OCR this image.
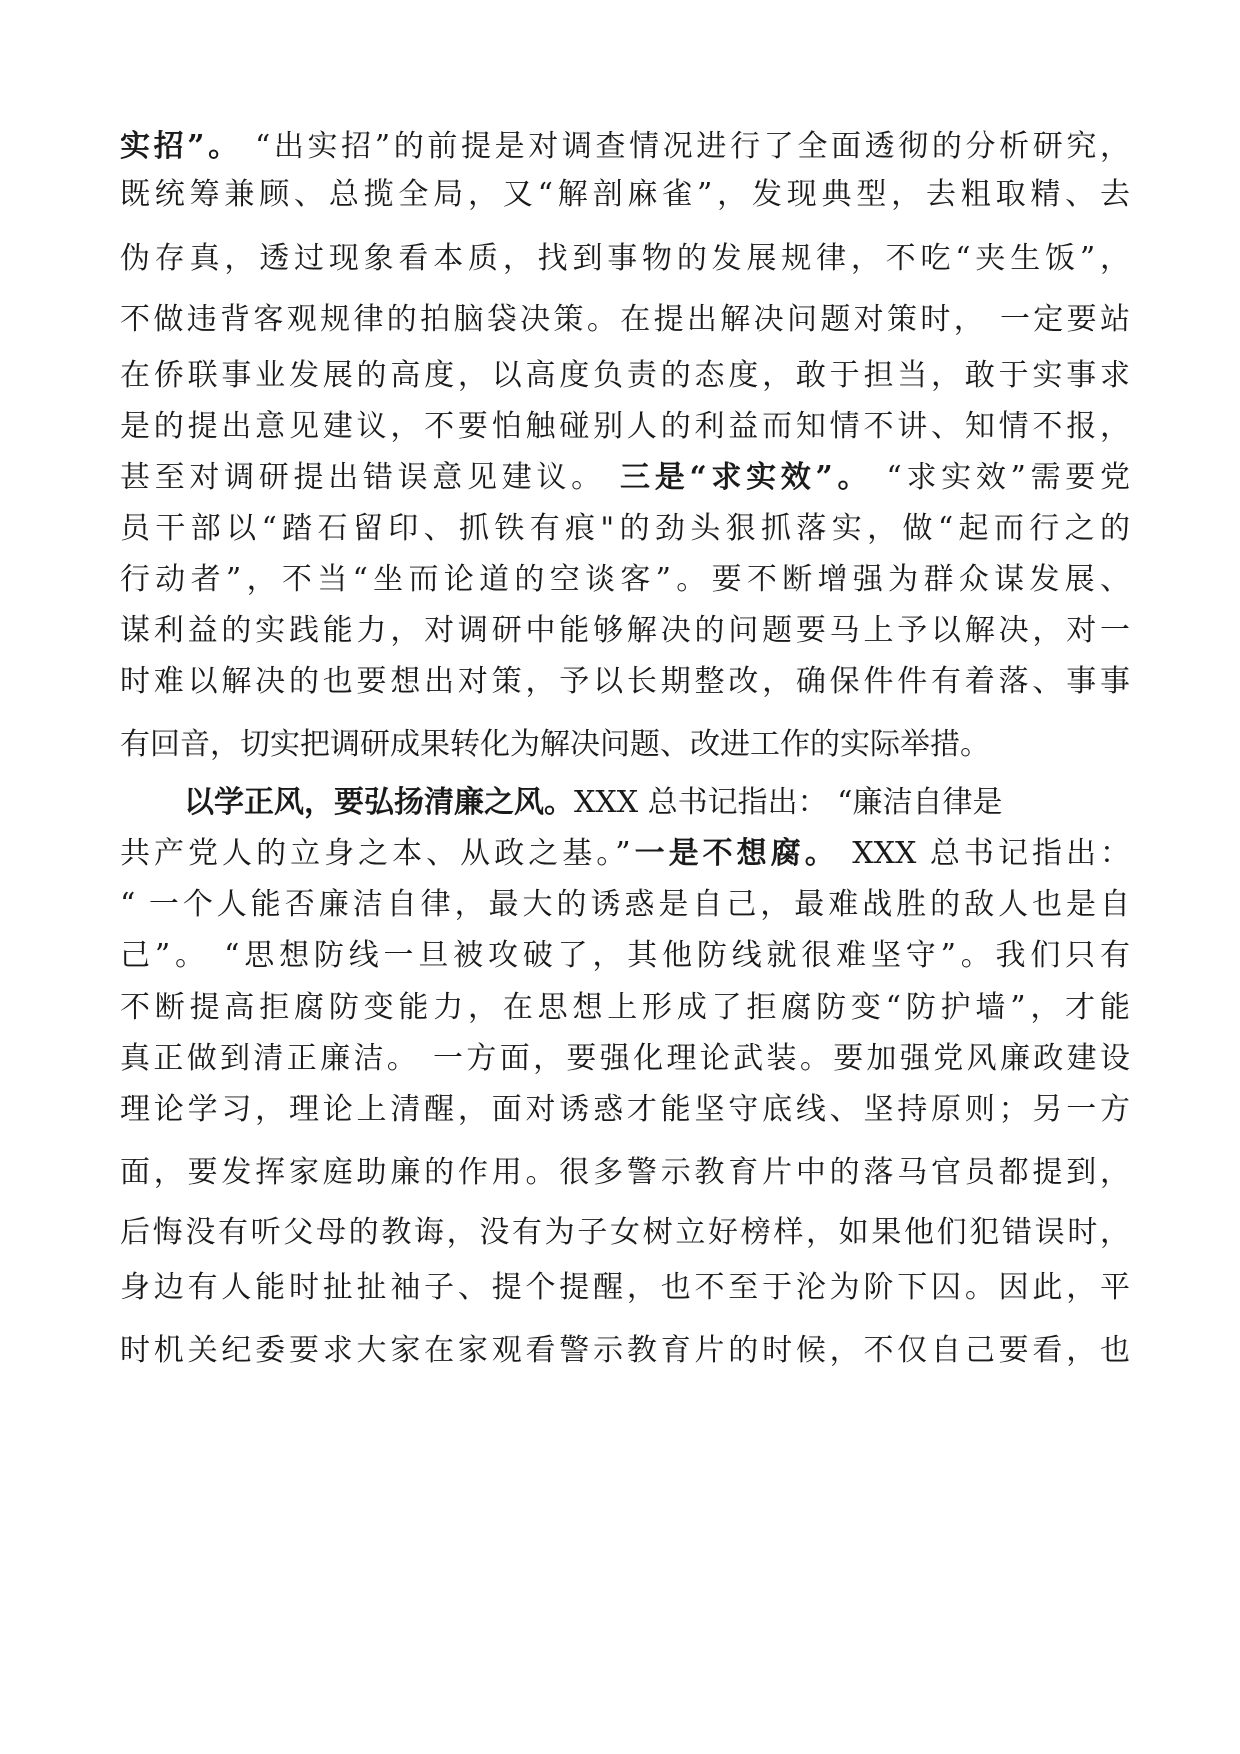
实招”。 “出实招”的前提是对调查情况进行了全面透彻的分析研究，
既统筹兼顾、总揽全局，又“解剖麻雀”，发现典型，去粗取精、去
伪存真，透过现象看本质，找到事物的发展规律，不吃“夹生饭”，
不做违背客观规律的拍脑袋决策。在提出解决问题对策时， 一定要站
在侨联事业发展的高度，以高度负责的态度，敢于担当，敢于实事求
是的提出意见建议，不要怕触碰别人的利益而知情不讲、知情不报，
甚至对调研提出错误意见建议。 三是“求实效”。 “求实效”需要党
员干部以“踏石留印、抓铁有痕"的劲头狠抓落实，做“起而行之的
行动者”，不当“坐而论道的空谈客”。要不断增强为群众谋发展、
谋利益的实践能力，对调研中能够解决的问题要马上予以解决，对一
时难以解决的也要想出对策，予以长期整改，确保件件有着落、事事
有回音，切实把调研成果转化为解决问题、改进工作的实际举措。
以学正风，要弘扬清廉之风。XXX 总书记指出： “廉洁自律是
共产党人的立身之本、从政之基。”一是不想腐。 XXX 总书记指出：
“ 一个人能否廉洁自律，最大的诱惑是自己，最难战胜的敌人也是自
己”。 “思想防线一旦被攻破了，其他防线就很难坚守”。我们只有
不断提高拒腐防变能力，在思想上形成了拒腐防变“防护墙”，才能
真正做到清正廉洁。 一方面，要强化理论武装。要加强党风廉政建设
理论学习，理论上清醒，面对诱惑才能坚守底线、坚持原则；另一方
面，要发挥家庭助廉的作用。很多警示教育片中的落马官员都提到，
后悔没有听父母的教诲，没有为子女树立好榜样，如果他们犯错误时，
身边有人能时扯扯袖子、提个提醒，也不至于沦为阶下囚。因此，平
时机关纪委要求大家在家观看警示教育片的时候，不仅自己要看，也
